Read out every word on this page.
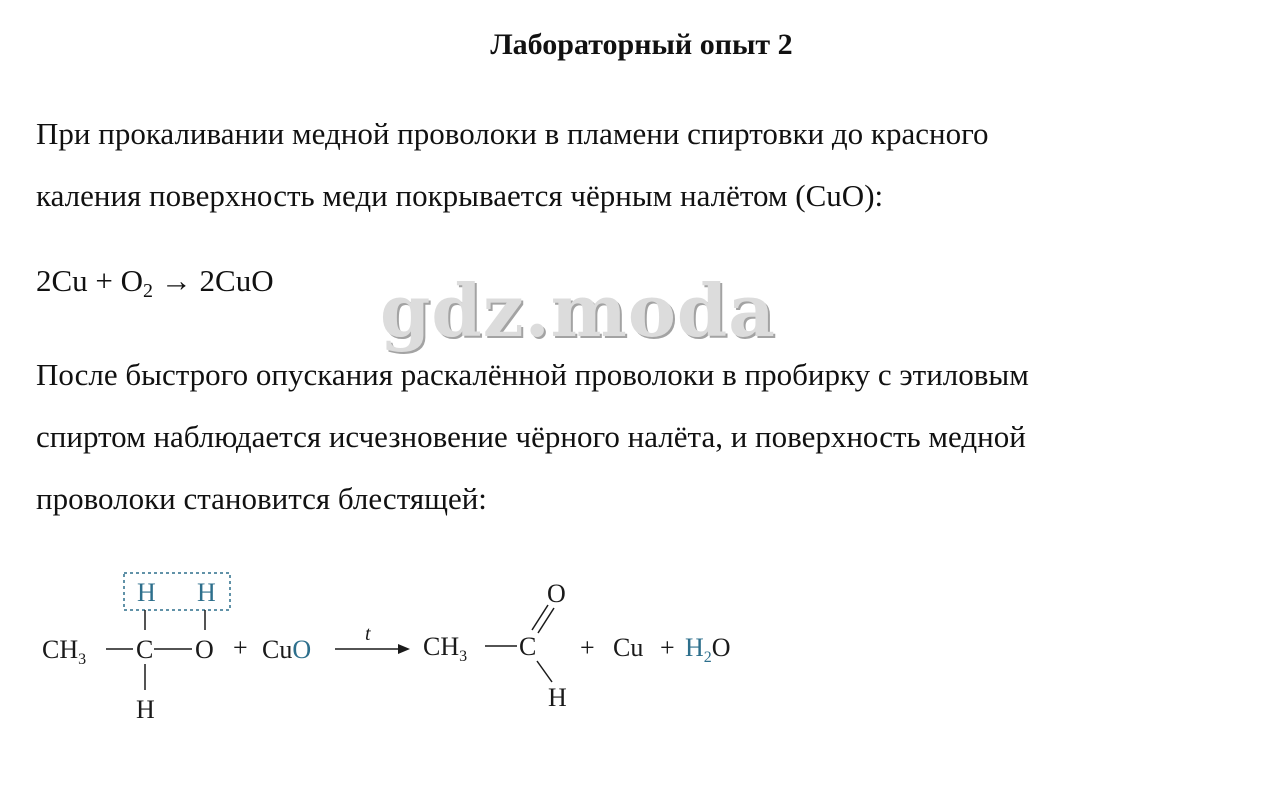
Лабораторный опыт 2
При прокаливании медной проволоки в пламени спиртовки до красного
каления поверхность меди покрывается чёрным налётом (CuO):
$2Cu + O_2 \to 2CuO$ gdz.moda
После быстрого опускания раскалённой проволоки в пробирку с этиловым
спиртом наблюдается исчезновение чёрного налёта, и поверхность медной
проволоки становится блестящей:
H H
$CH_3$ C O
H
+ CuO
t $CH_3$ C
O
H
+ $Cu + H_2O$
